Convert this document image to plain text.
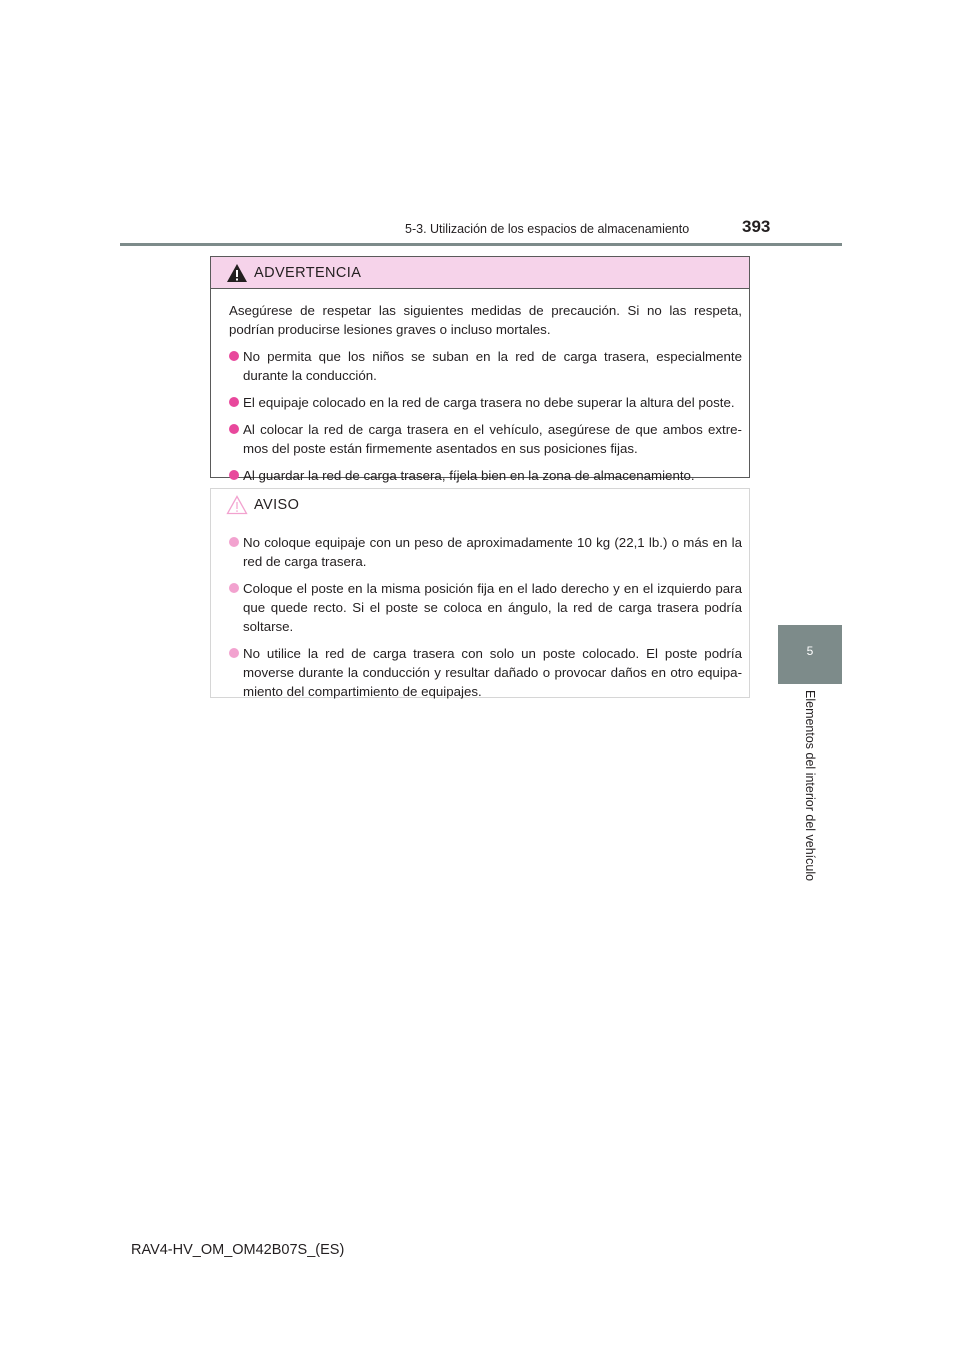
5-3. Utilización de los espacios de almacenamiento	393
5
Elementos del interior del vehículo
ADVERTENCIA

Asegúrese de respetar las siguientes medidas de precaución. Si no las respeta, podrían producirse lesiones graves o incluso mortales.

No permita que los niños se suban en la red de carga trasera, especialmente durante la conducción.
El equipaje colocado en la red de carga trasera no debe superar la altura del poste.
Al colocar la red de carga trasera en el vehículo, asegúrese de que ambos extre-mos del poste están firmemente asentados en sus posiciones fijas.
Al guardar la red de carga trasera, fíjela bien en la zona de almacenamiento.
AVISO
No coloque equipaje con un peso de aproximadamente 10 kg (22,1 lb.) o más en la red de carga trasera.
Coloque el poste en la misma posición fija en el lado derecho y en el izquierdo para que quede recto. Si el poste se coloca en ángulo, la red de carga trasera podría soltarse.
No utilice la red de carga trasera con solo un poste colocado. El poste podría moverse durante la conducción y resultar dañado o provocar daños en otro equipa-miento del compartimiento de equipajes.
RAV4-HV_OM_OM42B07S_(ES)
